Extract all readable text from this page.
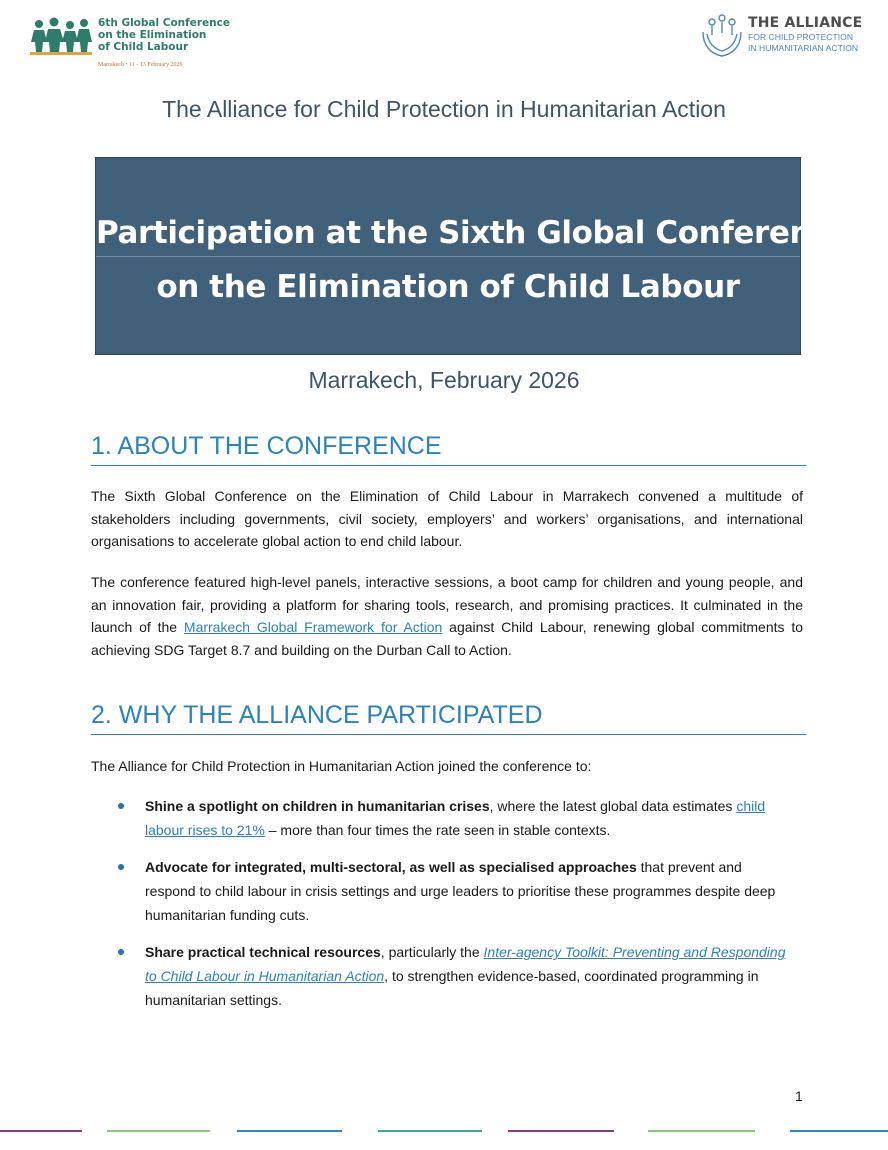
6th Global Conference
on the Elimination
of Child Labour
Marrakech • 11 - 13 February 2026
THE ALLIANCE
FOR CHILD PROTECTION
IN HUMANITARIAN ACTION
The Alliance for Child Protection in Humanitarian Action
Participation at the Sixth Global Conference
on the Elimination of Child Labour
Marrakech, February 2026
1. ABOUT THE CONFERENCE
The Sixth Global Conference on the Elimination of Child Labour in Marrakech convened a multitude of stakeholders including governments, civil society, employers’ and workers’ organisations, and international organisations to accelerate global action to end child labour.
The conference featured high-level panels, interactive sessions, a boot camp for children and young people, and an innovation fair, providing a platform for sharing tools, research, and promising practices. It culminated in the launch of the Marrakech Global Framework for Action against Child Labour, renewing global commitments to achieving SDG Target 8.7 and building on the Durban Call to Action.
2. WHY THE ALLIANCE PARTICIPATED
The Alliance for Child Protection in Humanitarian Action joined the conference to:
Shine a spotlight on children in humanitarian crises, where the latest global data estimates child labour rises to 21% – more than four times the rate seen in stable contexts.
Advocate for integrated, multi-sectoral, as well as specialised approaches that prevent and respond to child labour in crisis settings and urge leaders to prioritise these programmes despite deep humanitarian funding cuts.
Share practical technical resources, particularly the Inter-agency Toolkit: Preventing and Responding to Child Labour in Humanitarian Action, to strengthen evidence-based, coordinated programming in humanitarian settings.
1
